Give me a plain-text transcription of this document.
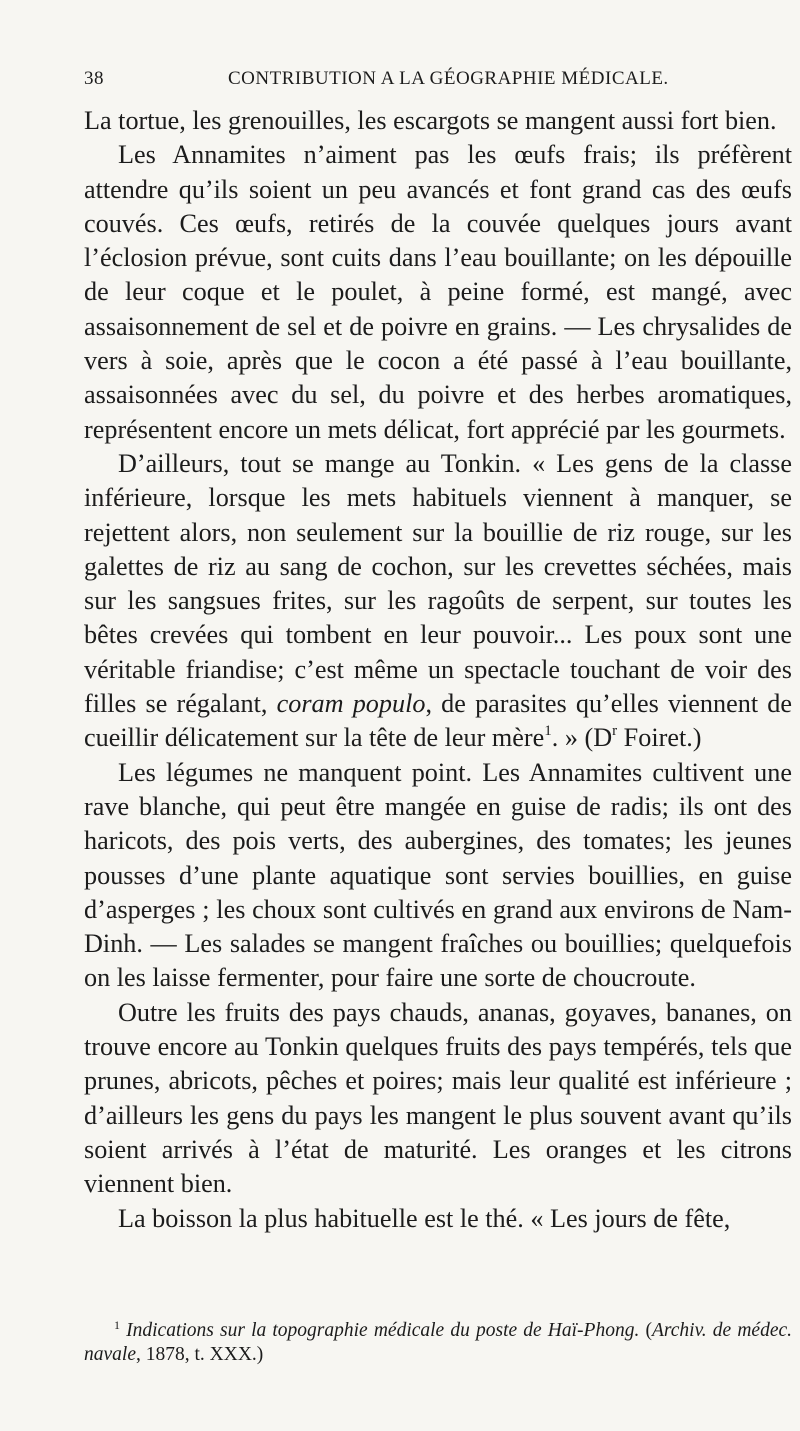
38	CONTRIBUTION A LA GÉOGRAPHIE MÉDICALE.

La tortue, les grenouilles, les escargots se mangent aussi fort bien.

Les Annamites n’aiment pas les œufs frais; ils préfèrent attendre qu’ils soient un peu avancés et font grand cas des œufs couvés. Ces œufs, retirés de la couvée quelques jours avant l’éclosion prévue, sont cuits dans l’eau bouillante; on les dépouille de leur coque et le poulet, à peine formé, est mangé, avec assaisonnement de sel et de poivre en grains. — Les chrysalides de vers à soie, après que le cocon a été passé à l’eau bouillante, assaisonnées avec du sel, du poivre et des herbes aromatiques, représentent encore un mets délicat, fort apprécié par les gourmets.

D’ailleurs, tout se mange au Tonkin. « Les gens de la classe inférieure, lorsque les mets habituels viennent à manquer, se rejettent alors, non seulement sur la bouillie de riz rouge, sur les galettes de riz au sang de cochon, sur les crevettes séchées, mais sur les sangsues frites, sur les ragoûts de serpent, sur toutes les bêtes crevées qui tombent en leur pouvoir... Les poux sont une véritable friandise; c’est même un spectacle touchant de voir des filles se régalant, coram populo, de parasites qu’elles viennent de cueillir délicatement sur la tête de leur mère$^1$. » ($D^r$ Foiret.)

Les légumes ne manquent point. Les Annamites cultivent une rave blanche, qui peut être mangée en guise de radis; ils ont des haricots, des pois verts, des aubergines, des tomates; les jeunes pousses d’une plante aquatique sont servies bouillies, en guise d’asperges ; les choux sont cultivés en grand aux environs de Nam-Dinh. — Les salades se mangent fraîches ou bouillies; quelquefois on les laisse fermenter, pour faire une sorte de choucroute.

Outre les fruits des pays chauds, ananas, goyaves, bananes, on trouve encore au Tonkin quelques fruits des pays tempérés, tels que prunes, abricots, pêches et poires; mais leur qualité est inférieure ; d’ailleurs les gens du pays les mangent le plus souvent avant qu’ils soient arrivés à l’état de maturité. Les oranges et les citrons viennent bien.

La boisson la plus habituelle est le thé. « Les jours de fête,

$^1$ Indications sur la topographie médicale du poste de Haï-Phong. (Archiv. de médec. navale, 1878, t. XXX.)
